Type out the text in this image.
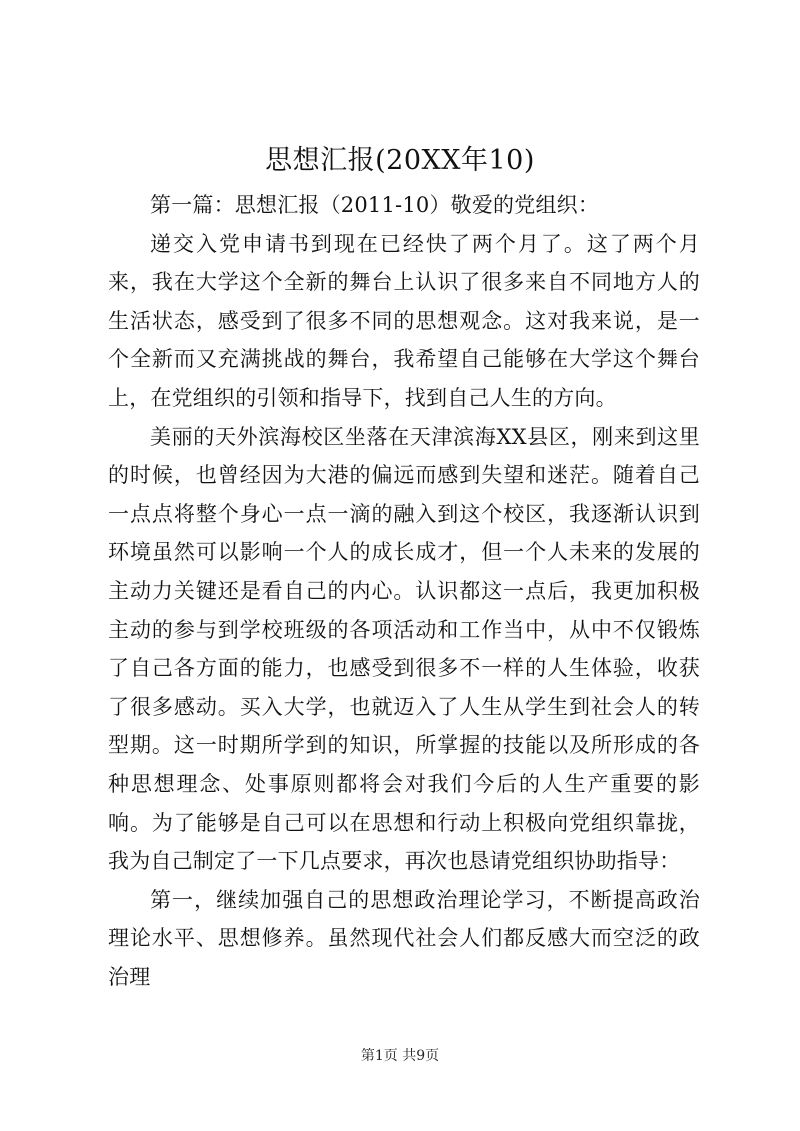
思想汇报(20XX年10)

第一篇：思想汇报（2011-10）敬爱的党组织：

递交入党申请书到现在已经快了两个月了。这了两个月来，我在大学这个全新的舞台上认识了很多来自不同地方人的生活状态，感受到了很多不同的思想观念。这对我来说，是一个全新而又充满挑战的舞台，我希望自己能够在大学这个舞台上，在党组织的引领和指导下，找到自己人生的方向。

美丽的天外滨海校区坐落在天津滨海XX县区，刚来到这里的时候，也曾经因为大港的偏远而感到失望和迷茫。随着自己一点点将整个身心一点一滴的融入到这个校区，我逐渐认识到环境虽然可以影响一个人的成长成才，但一个人未来的发展的主动力关键还是看自己的内心。认识都这一点后，我更加积极主动的参与到学校班级的各项活动和工作当中，从中不仅锻炼了自己各方面的能力，也感受到很多不一样的人生体验，收获了很多感动。买入大学，也就迈入了人生从学生到社会人的转型期。这一时期所学到的知识，所掌握的技能以及所形成的各种思想理念、处事原则都将会对我们今后的人生产重要的影响。为了能够是自己可以在思想和行动上积极向党组织靠拢，我为自己制定了一下几点要求，再次也恳请党组织协助指导：

第一，继续加强自己的思想政治理论学习，不断提高政治理论水平、思想修养。虽然现代社会人们都反感大而空泛的政治理

第1页 共9页
